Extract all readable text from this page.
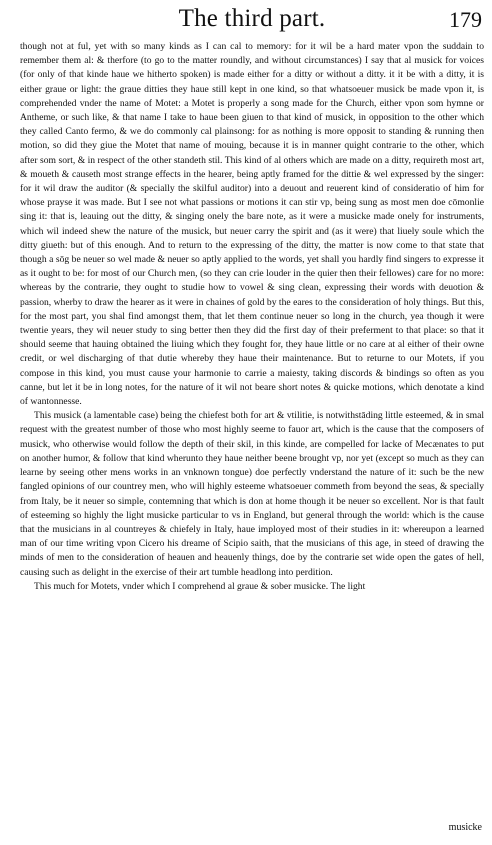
The third part.	179

though not at ful, yet with so many kinds as I can cal to memory: for it wil be a hard mater vpon the suddain to remember them al: & therfore (to go to the matter roundly, and without circumstances) I say that al musick for voices (for only of that kinde haue we hitherto spoken) is made either for a ditty or without a ditty. it it be with a ditty, it is either graue or light: the graue ditties they haue still kept in one kind, so that whatsoeuer musick be made vpon it, is comprehended vnder the name of Motet: a Motet is properly a song made for the Church, either vpon som hymne or Antheme, or such like, & that name I take to haue been giuen to that kind of musick, in opposition to the other which they called Canto fermo, & we do commonly cal plainsong: for as nothing is more opposit to standing & running then motion, so did they giue the Motet that name of mouing, because it is in manner quight contrarie to the other, which after som sort, & in respect of the other standeth stil. This kind of al others which are made on a ditty, requireth most art, & moueth & causeth most strange effects in the hearer, being aptly framed for the dittie & wel expressed by the singer: for it wil draw the auditor (& specially the skilful auditor) into a deuout and reuerent kind of consideratio of him for whose prayse it was made. But I see not what passions or motions it can stir vp, being sung as most men doe cōmonlie sing it: that is, leauing out the ditty, & singing onely the bare note, as it were a musicke made onely for instruments, which wil indeed shew the nature of the musick, but neuer carry the spirit and (as it were) that liuely soule which the ditty giueth: but of this enough. And to return to the expressing of the ditty, the matter is now come to that state that though a sōg be neuer so wel made & neuer so aptly applied to the words, yet shall you hardly find singers to expresse it as it ought to be: for most of our Church men, (so they can crie louder in the quier then their fellowes) care for no more: whereas by the contrarie, they ought to studie how to vowel & sing clean, expressing their words with deuotion & passion, wherby to draw the hearer as it were in chaines of gold by the eares to the consideration of holy things. But this, for the most part, you shal find amongst them, that let them continue neuer so long in the church, yea though it were twentie years, they wil neuer study to sing better then they did the first day of their preferment to that place: so that it should seeme that hauing obtained the liuing which they fought for, they haue little or no care at al either of their owne credit, or wel discharging of that dutie whereby they haue their maintenance. But to returne to our Motets, if you compose in this kind, you must cause your harmonie to carrie a maiesty, taking discords & bindings so often as you canne, but let it be in long notes, for the nature of it wil not beare short notes & quicke motions, which denotate a kind of wantonnesse.

This musick (a lamentable case) being the chiefest both for art & vtilitie, is notwithstāding little esteemed, & in smal request with the greatest number of those who most highly seeme to fauor art, which is the cause that the composers of musick, who otherwise would follow the depth of their skil, in this kinde, are compelled for lacke of Mecænates to put on another humor, & follow that kind wherunto they haue neither beene brought vp, nor yet (except so much as they can learne by seeing other mens works in an vnknown tongue) doe perfectly vnderstand the nature of it: such be the new fangled opinions of our countrey men, who will highly esteeme whatsoeuer commeth from beyond the seas, & specially from Italy, be it neuer so simple, contemning that which is don at home though it be neuer so excellent. Nor is that fault of esteeming so highly the light musicke particular to vs in England, but general through the world: which is the cause that the musicians in al countreyes & chiefely in Italy, haue imployed most of their studies in it: whereupon a learned man of our time writing vpon Cicero his dreame of Scipio saith, that the musicians of this age, in steed of drawing the minds of men to the consideration of heauen and heauenly things, doe by the contrarie set wide open the gates of hell, causing such as delight in the exercise of their art tumble headlong into perdition.

This much for Motets, vnder which I comprehend al graue & sober musicke. The light

musicke
